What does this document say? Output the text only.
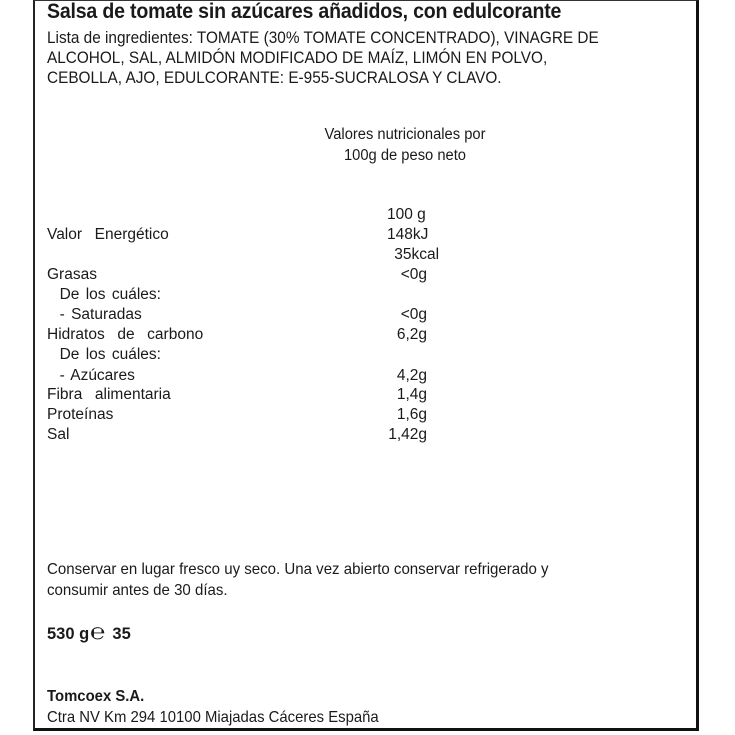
Salsa de tomate sin azúcares añadidos, con edulcorante
Lista de ingredientes: TOMATE (30% TOMATE CONCENTRADO), VINAGRE DE
ALCOHOL, SAL, ALMIDÓN MODIFICADO DE MAÍZ, LIMÓN EN POLVO,
CEBOLLA, AJO, EDULCORANTE: E-955-SUCRALOSA Y CLAVO.
Valores nutricionales por
100g de peso neto
100 g
Valor  Energético	148kJ
35kcal
Grasas	<0g
De los cuáles:
- Saturadas	<0g
Hidratos  de  carbono	6,2g
De los cuáles:
- Azúcares	4,2g
Fibra  alimentaria	1,4g
Proteínas	1,6g
Sal	1,42g
Conservar en lugar fresco uy seco. Una vez abierto conservar refrigerado y
consumir antes de 30 días.
530 g ℮ 35
Tomcoex S.A.
Ctra NV Km 294 10100 Miajadas Cáceres España
